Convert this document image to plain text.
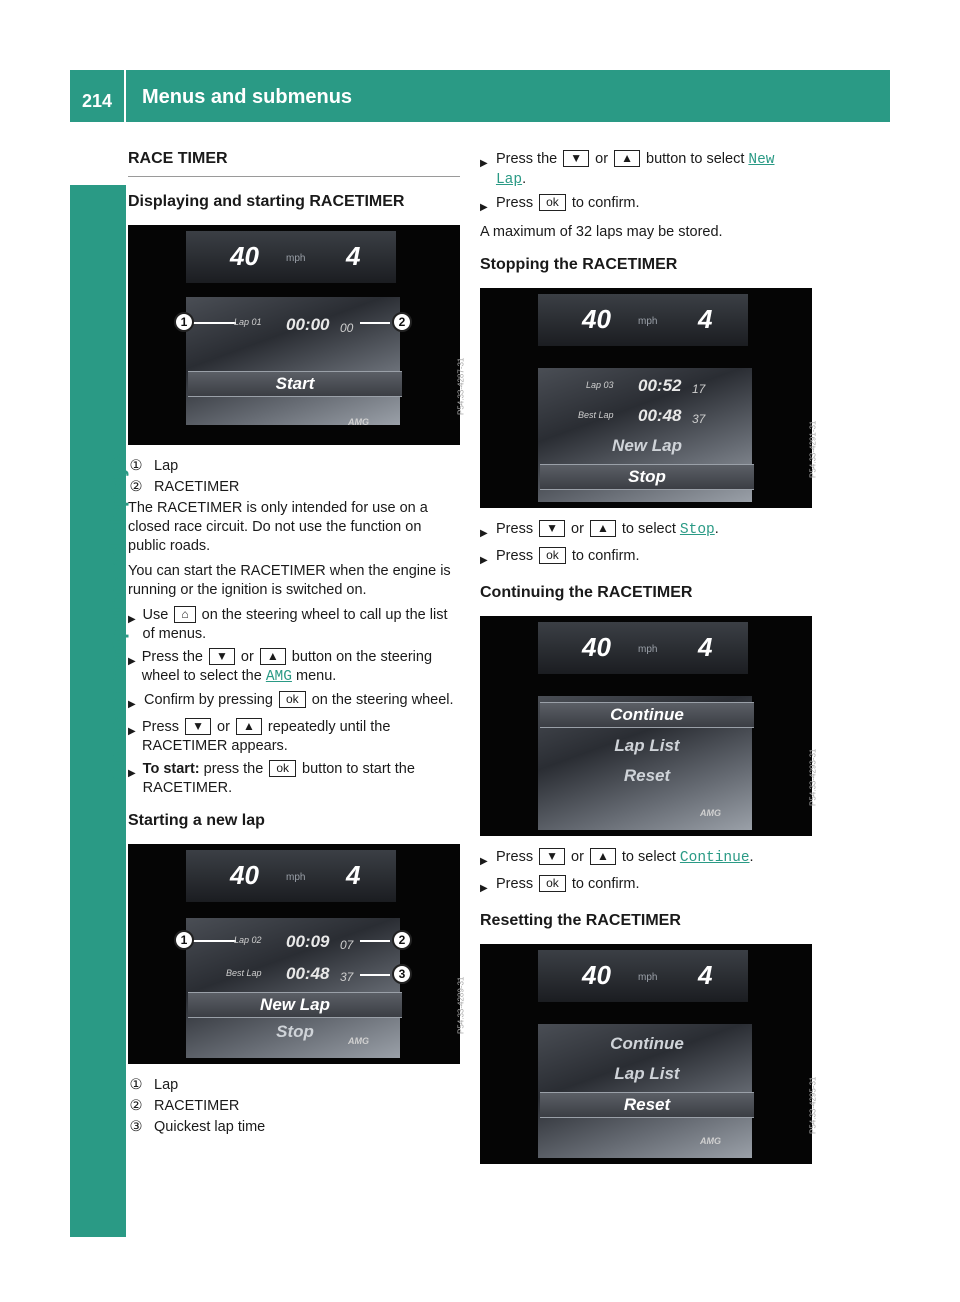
214	Menus and submenus
On-board computer and displays
RACE TIMER
Displaying and starting RACETIMER
40	mph 4
1	Lap 01 00:00 00	2
Start
AMG
P54.33-4287-31
① Lap
② RACETIMER

The RACETIMER is only intended for use on a closed race circuit. Do not use the function on public roads.

You can start the RACETIMER when the engine is running or the ignition is switched on.

▶ Use ⌂ on the steering wheel to call up the list of menus.
▶ Press the ▼ or ▲ button on the steering wheel to select the AMG menu.
▶ Confirm by pressing ok on the steering wheel.
▶ Press ▼ or ▲ repeatedly until the RACETIMER appears.
▶ To start: press the ok button to start the RACETIMER.
Starting a new lap
40	mph 4
1	Lap 02 00:09 07	2
Best Lap 00:48 37	3
New Lap
Stop	AMG
P54.33-4289-31
① Lap
② RACETIMER
③ Quickest lap time
▶ Press the ▼ or ▲ button to select New Lap.
▶ Press ok to confirm.

A maximum of 32 laps may be stored.

Stopping the RACETIMER
40	mph 4
Lap 03 00:52 17
Best Lap 00:48 37
New Lap
Stop	P54.33-4291-31
▶ Press ▼ or ▲ to select Stop.
▶ Press ok to confirm.
Continuing the RACETIMER
40	mph 4
Continue
Lap List
Reset
AMG
P54.33-4293-31
▶ Press ▼ or ▲ to select Continue.
▶ Press ok to confirm.
Resetting the RACETIMER
40	mph 4
Continue
Lap List
Reset
AMG
P54.33-4295-31
